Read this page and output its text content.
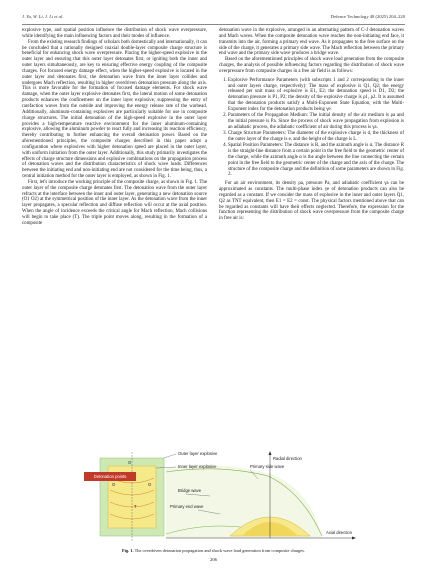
J. Yu, W. Li, J. Li et al.	Defence Technology 48 (2025) 204–220

explosive type, and spatial position influence the distribution of shock wave overpressure, while identifying the main influencing factors and their modes of influence.

From the existing research findings of scholars both domestically and internationally, it can be concluded that a rationally designed coaxial double-layer composite charge structure is beneficial for enhancing shock wave overpressure. Placing the higher-speed explosive in the outer layer and ensuring that this outer layer detonates first, or igniting both the inner and outer layers simultaneously, are key to ensuring effective energy coupling of the composite charges. For focused energy damage effect, when the higher-speed explosive is located in the outer layer and detonates first, the detonation wave from the inner layer collides and undergoes Mach reflection, resulting in higher overdriven detonation pressure along the axis. This is more favorable for the formation of focused damage elements. For shock wave damage, when the outer layer explosive detonates first, the lateral motion of some detonation products enhances the confinement on the inner layer explosive, suppressing the entry of rarefaction waves from the outside and improving the energy release rate of the warhead. Additionally, aluminum-containing explosives are particularly suitable for use in composite charge structures. The initial detonation of the high-speed explosive in the outer layer provides a high-temperature reactive environment for the inner aluminum-containing explosive, allowing the aluminum powder to react fully and increasing its reaction efficiency, thereby contributing to further enhancing the overall detonation power. Based on the aforementioned principles, the composite charges described in this paper adopt a configuration where explosives with higher detonation speed are placed in the outer layer, with uniform initiation from the outer layer. Additionally, this study primarily investigates the effects of charge structure dimensions and explosive combinations on the propagation process of detonation waves and the distribution characteristics of shock wave loads. Differences between the initiating end and non-initiating end are not considered for the time being, thus, a central initiation method for the outer layer is employed, as shown in Fig. 1.

First, let's introduce the working principle of the composite charge, as shown in Fig. 1. The outer layer of the composite charge detonates first. The detonation wave from the outer layer refracts at the interface between the inner and outer layer, generating a new detonation source (O1 O2) at the symmetrical position of the inner layer. As the detonation wave from the inner layer propagates, a specular reflection and diffuse reflection will occur at the axial position. When the angle of incidence exceeds the critical angle for Mach reflection, Mach collisions will begin to take place (T). The triple point moves along, resulting in the formation of a composite

detonation wave in the explosive, arranged in an alternating pattern of C-J detonation waves and Mach waves. When the composite detonation wave reaches the non-initiating end face, it transmits into the air, forming a primary end wave. As it propagates to the free surface on the side of the charge, it generates a primary side wave. The Mach reflection between the primary end wave and the primary side wave produces a bridge wave.

Based on the aforementioned principles of shock wave load generation from the composite charges, the analysis of possible influencing factors regarding the distribution of shock wave overpressure from composite charges in a free air field is as follows:

1. Explosive Performance Parameters (with subscripts 1 and 2 corresponding to the inner and outer layers charge, respectively): The mass of explosive is Q1, Q2; the energy released per unit mass of explosive is E1, E2; the detonation speed is D1, D2; the detonation pressure is P1, P2; the density of the explosive charge is ρ1, ρ2. It is assumed that the detonation products satisfy a Multi-Exponent State Equation, with the Multi-Exponent index for the detonation products being γe.
2. Parameters of the Propagation Medium: The initial density of the air medium is ρa and the initial pressure is Pa. Since the process of shock wave propagation from explosion is an adiabatic process, the adiabatic coefficient of air during this process is γa.
3. Charge Structure Parameters: The diameter of the explosive charge is d, the thickness of the outer layer of the charge is e, and the height of the charge is L.
4. Spatial Position Parameters: The distance is R, and the azimuth angle is α. The distance R is the straight-line distance from a certain point in the free field to the geometric center of the charge, while the azimuth angle α is the angle between the line connecting the certain point in the free field to the geometric center of the charge and the axis of the charge. The structure of the composite charge and the definition of some parameters are shown in Fig. 2.

For an air environment, its density ρa, pressure Pa, and adiabatic coefficient γa can be approximated as constants. The multi-phase index γe of detonation products can also be regarded as a constant. If we consider the mass of explosive in the inner and outer layers Q1, Q2 as TNT equivalent, then E1 = E2 = const. The physical factors mentioned above that can be regarded as constants will have their effects neglected. Therefore, the expression for the function representing the distribution of shock wave overpressure from the composite charge in free air is:

Detonation points
O
O	O
T
Outer layer explosive
Inner layer explosive
Radial direction
Primary side wave
Bridge wave
Primary end wave
Axial direction
Fig. 1. The overdriven detonation propagation and shock wave load generation from composite charges.
206
